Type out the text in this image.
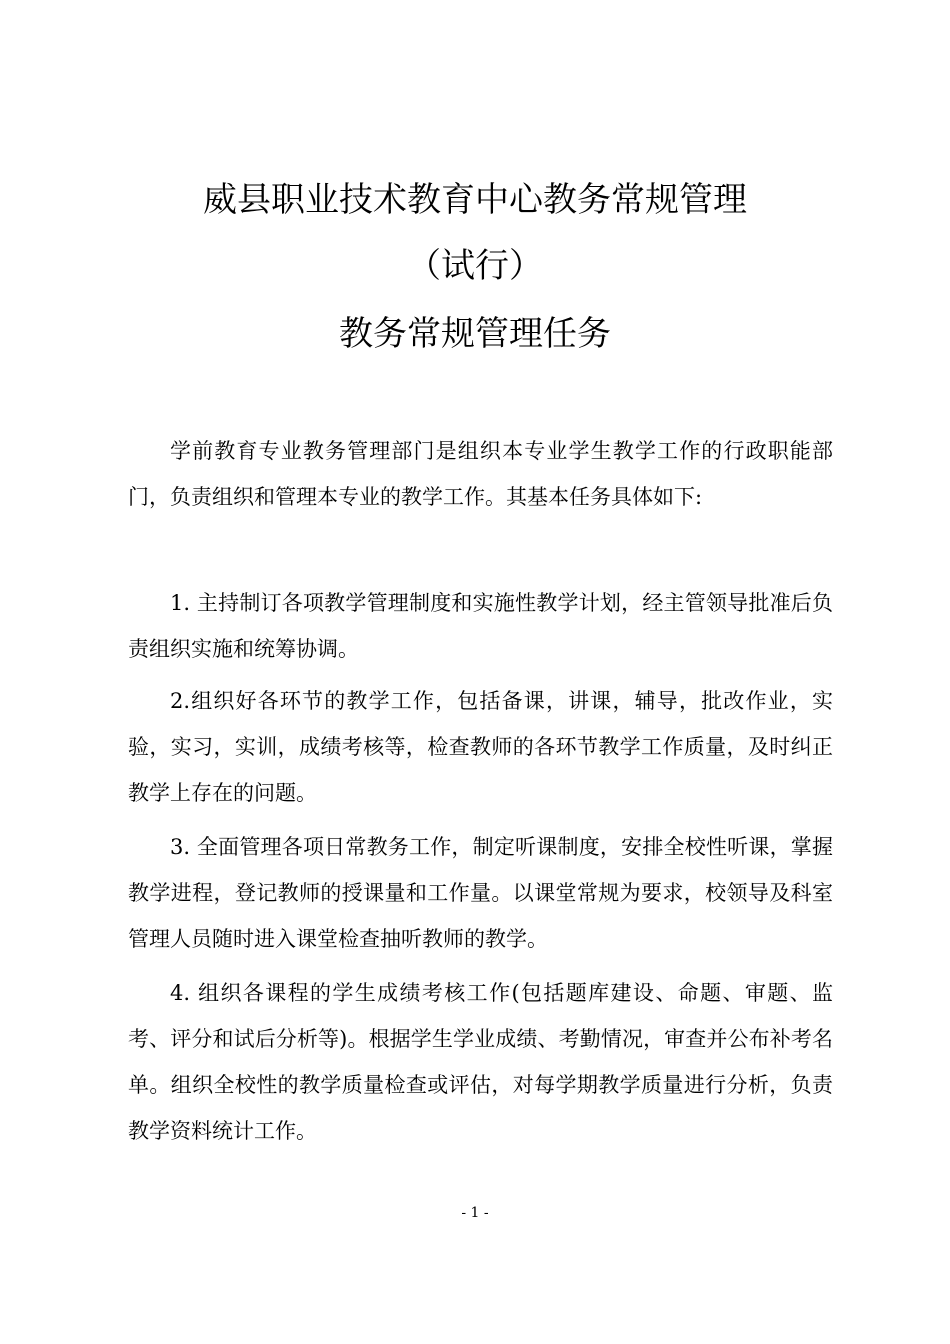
威县职业技术教育中心教务常规管理
（试行）
教务常规管理任务

学前教育专业教务管理部门是组织本专业学生教学工作的行政职能部门，负责组织和管理本专业的教学工作。其基本任务具体如下:

1. 主持制订各项教学管理制度和实施性教学计划，经主管领导批准后负责组织实施和统筹协调。

2.组织好各环节的教学工作，包括备课，讲课，辅导，批改作业，实验，实习，实训，成绩考核等，检查教师的各环节教学工作质量，及时纠正教学上存在的问题。

3. 全面管理各项日常教务工作，制定听课制度，安排全校性听课，掌握教学进程，登记教师的授课量和工作量。以课堂常规为要求，校领导及科室管理人员随时进入课堂检查抽听教师的教学。

4. 组织各课程的学生成绩考核工作(包括题库建设、命题、审题、监考、评分和试后分析等)。根据学生学业成绩、考勤情况，审查并公布补考名单。组织全校性的教学质量检查或评估，对每学期教学质量进行分析，负责教学资料统计工作。

- 1 -
